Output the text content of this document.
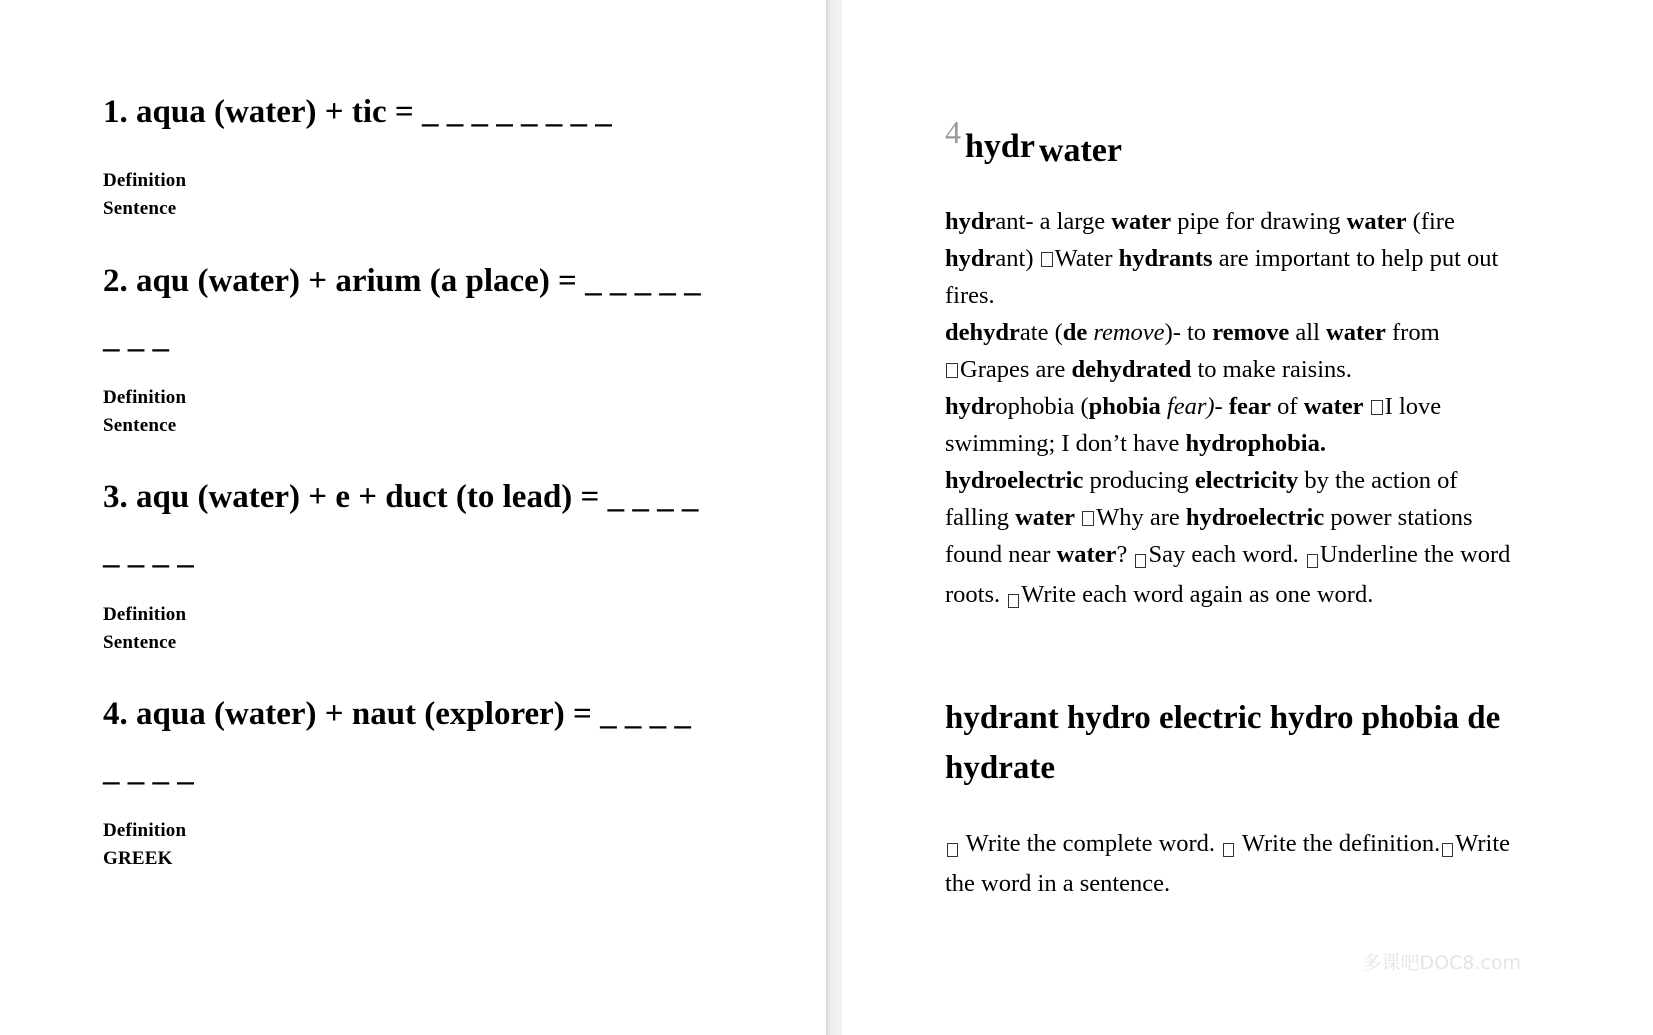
1. aqua (water) + tic = _ _ _ _ _ _ _ _
Definition
Sentence
2. aqu (water) + arium (a place) = _ _ _ _ _
_ _ _
Definition
Sentence
3. aqu (water) + e + duct (to lead) = _ _ _ _
_ _ _ _
Definition
Sentence
4. aqua (water) + naut (explorer) = _ _ _ _
_ _ _ _
Definition
GREEK
4 hydr water
hydrant- a large water pipe for drawing water (fire
hydrant) Water hydrants are important to help put out
fires.
dehydrate (de remove)- to remove all water from
Grapes are dehydrated to make raisins.
hydrophobia (phobia fear)- fear of water I love
swimming; I don’t have hydrophobia.
hydroelectric producing electricity by the action of
falling water Why are hydroelectric power stations
found near water? Say each word. Underline the word
roots. Write each word again as one word.
hydrant hydro electric hydro phobia de
hydrate
Write the complete word.  Write the definition. Write
the word in a sentence.
多课吧DOC8.com
